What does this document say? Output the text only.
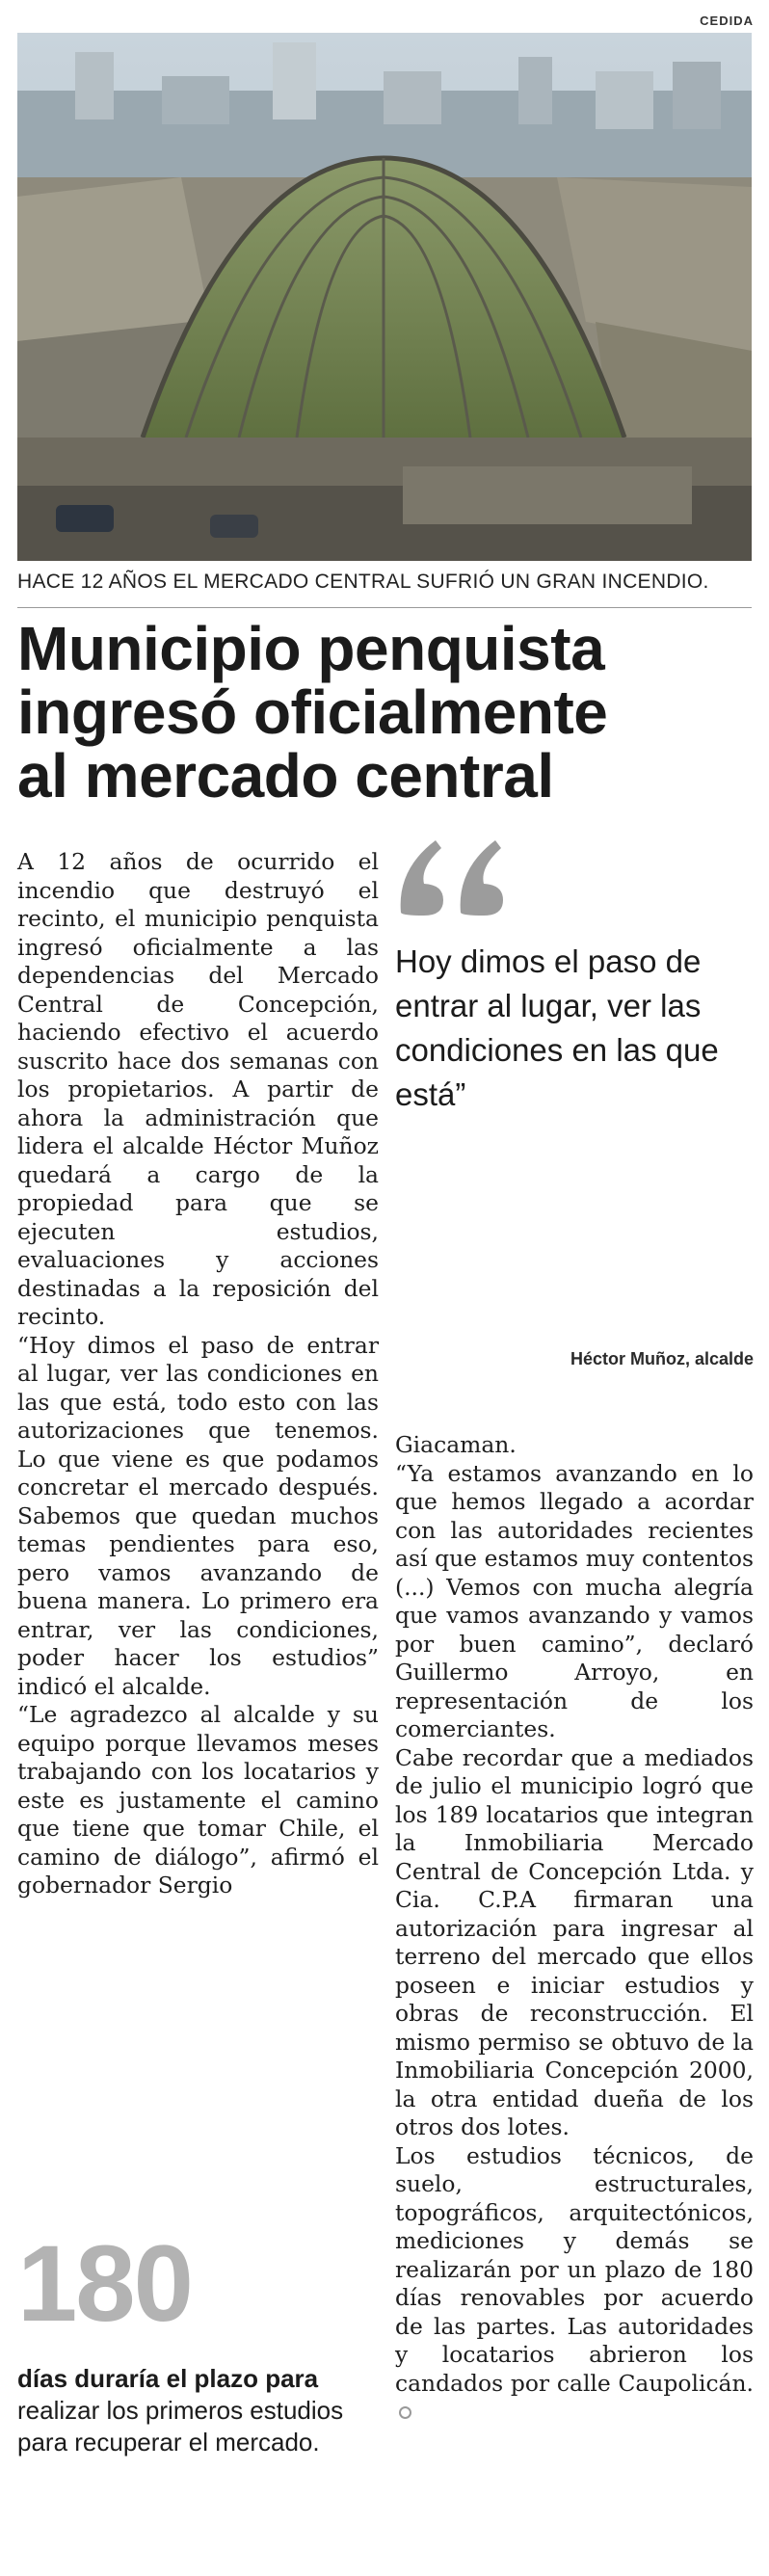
CEDIDA
HACE 12 AÑOS EL MERCADO CENTRAL SUFRIÓ UN GRAN INCENDIO.
Municipio penquista
ingresó oficialmente
al mercado central

A 12 años de ocurrido el incendio que destruyó el recinto, el municipio penquista ingresó oficialmente a las dependencias del Mercado Central de Concepción, haciendo efectivo el acuerdo suscrito hace dos semanas con los propietarios. A partir de ahora la administración que lidera el alcalde Héctor Muñoz quedará a cargo de la propiedad para que se ejecuten estudios, evaluaciones y acciones destinadas a la reposición del recinto.

“Hoy dimos el paso de entrar al lugar, ver las condiciones en las que está, todo esto con las autorizaciones que tenemos. Lo que viene es que podamos concretar el mercado después. Sabemos que quedan muchos temas pendientes para eso, pero vamos avanzando de buena manera. Lo primero era entrar, ver las condiciones, poder hacer los estudios” indicó el alcalde.

“Le agradezco al alcalde y su equipo porque llevamos meses trabajando con los locatarios y este es justamente el camino que tiene que tomar Chile, el camino de diálogo”, afirmó el gobernador Sergio

Hoy dimos el paso de entrar al lugar, ver las condiciones en las que está”
Héctor Muñoz, alcalde

Giacaman.

“Ya estamos avanzando en lo que hemos llegado a acordar con las autoridades recientes así que estamos muy contentos (...) Vemos con mucha alegría que vamos avanzando y vamos por buen camino”, declaró Guillermo Arroyo, en representación de los comerciantes.

Cabe recordar que a mediados de julio el municipio logró que los 189 locatarios que integran la Inmobiliaria Mercado Central de Concepción Ltda. y Cia. C.P.A firmaran una autorización para ingresar al terreno del mercado que ellos poseen e iniciar estudios y obras de reconstrucción. El mismo permiso se obtuvo de la Inmobiliaria Concepción 2000, la otra entidad dueña de los otros dos lotes.

Los estudios técnicos, de suelo, estructurales, topográficos, arquitectónicos, mediciones y demás se realizarán por un plazo de 180 días renovables por acuerdo de las partes. Las autoridades y locatarios abrieron los candados por calle Caupolicán.

180
días duraría el plazo para realizar los primeros estudios para recuperar el mercado.
